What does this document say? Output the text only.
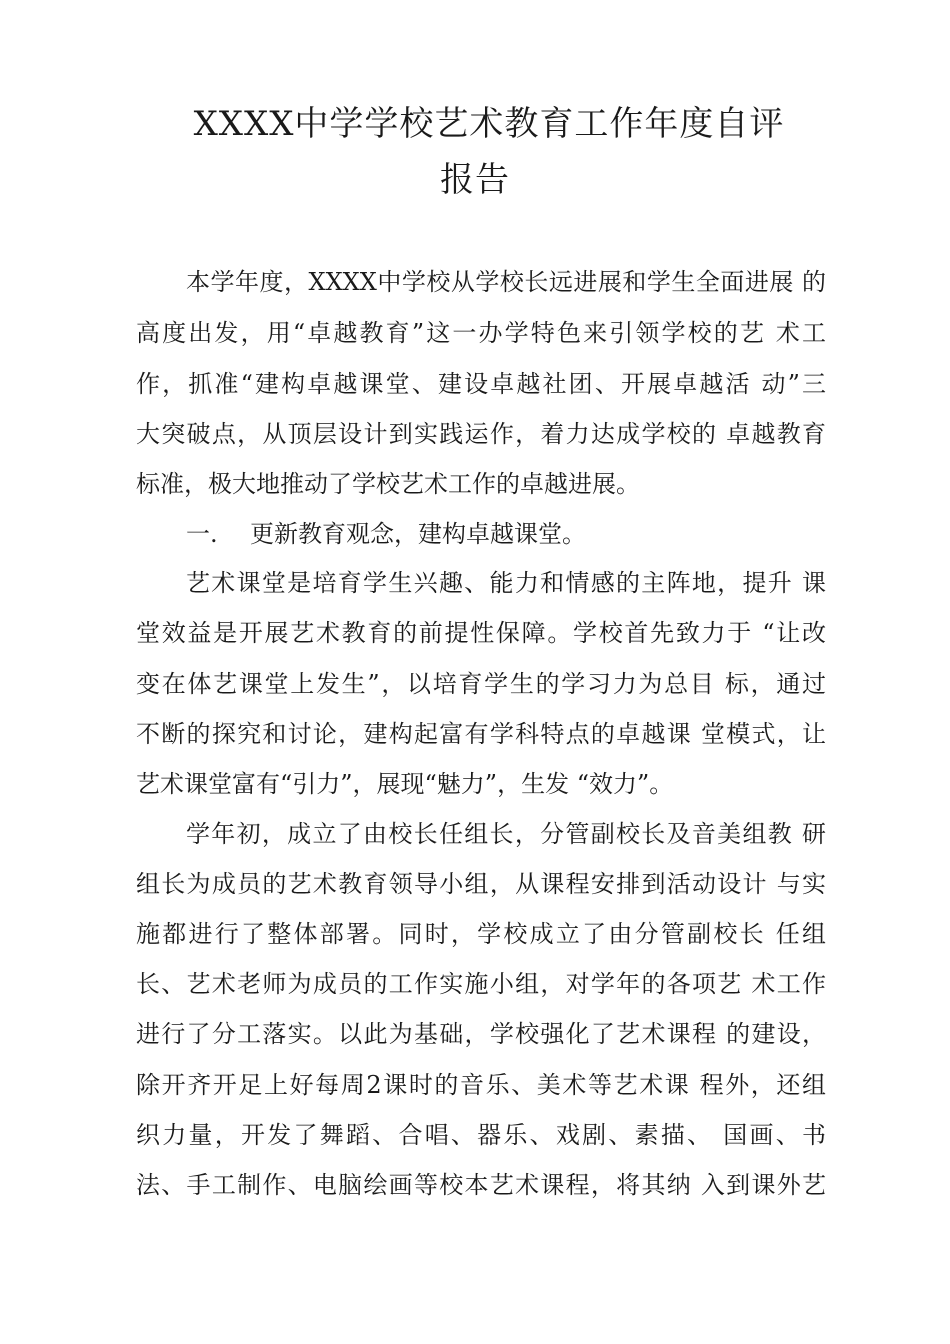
XXXX中学学校艺术教育工作年度自评
报告
本学年度，XXXX中学校从学校长远进展和学生全面进展 的
高度出发，用“卓越教育”这一办学特色来引领学校的艺 术工
作，抓准“建构卓越课堂、建设卓越社团、开展卓越活 动”三
大突破点，从顶层设计到实践运作，着力达成学校的 卓越教育
标准，极大地推动了学校艺术工作的卓越进展。
一. 更新教育观念，建构卓越课堂。
艺术课堂是培育学生兴趣、能力和情感的主阵地，提升 课
堂效益是开展艺术教育的前提性保障。学校首先致力于 “让改
变在体艺课堂上发生”，以培育学生的学习力为总目 标，通过
不断的探究和讨论，建构起富有学科特点的卓越课 堂模式，让
艺术课堂富有“引力”，展现“魅力”，生发 “效力”。
学年初，成立了由校长任组长，分管副校长及音美组教 研
组长为成员的艺术教育领导小组，从课程安排到活动设计 与实
施都进行了整体部署。同时，学校成立了由分管副校长 任组
长、艺术老师为成员的工作实施小组，对学年的各项艺 术工作
进行了分工落实。以此为基础，学校强化了艺术课程 的建设，
除开齐开足上好每周2课时的音乐、美术等艺术课 程外，还组
织力量，开发了舞蹈、合唱、器乐、戏剧、素描、 国画、书
法、手工制作、电脑绘画等校本艺术课程，将其纳 入到课外艺
